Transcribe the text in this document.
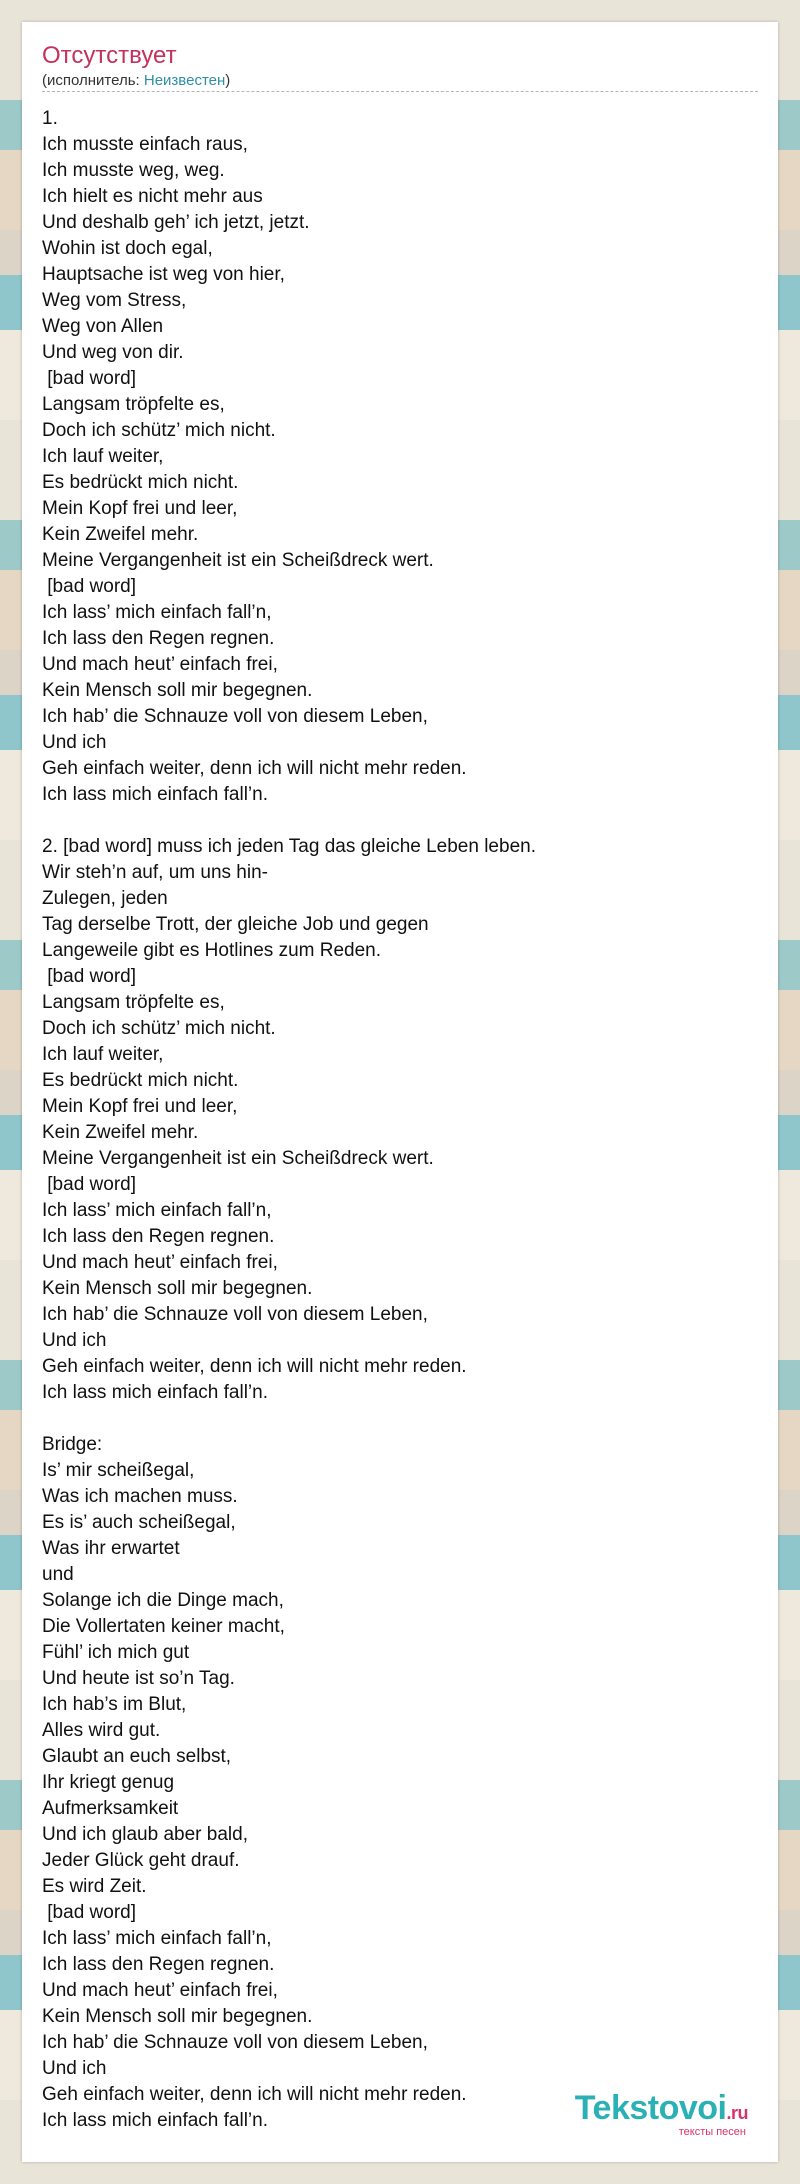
Отсутствует
(исполнитель: Неизвестен)
1.
Ich musste einfach raus,
Ich musste weg, weg.
Ich hielt es nicht mehr aus
Und deshalb geh’ ich jetzt, jetzt.
Wohin ist doch egal,
Hauptsache ist weg von hier,
Weg vom Stress,
Weg von Allen
Und weg von dir.
[bad word]
Langsam tröpfelte es,
Doch ich schütz’ mich nicht.
Ich lauf weiter,
Es bedrückt mich nicht.
Mein Kopf frei und leer,
Kein Zweifel mehr.
Meine Vergangenheit ist ein Scheißdreck wert.
[bad word]
Ich lass’ mich einfach fall’n,
Ich lass den Regen regnen.
Und mach heut’ einfach frei,
Kein Mensch soll mir begegnen.
Ich hab’ die Schnauze voll von diesem Leben,
Und ich
Geh einfach weiter, denn ich will nicht mehr reden.
Ich lass mich einfach fall’n.

2. [bad word] muss ich jeden Tag das gleiche Leben leben.
Wir steh’n auf, um uns hin-
Zulegen, jeden
Tag derselbe Trott, der gleiche Job und gegen
Langeweile gibt es Hotlines zum Reden.
[bad word]
Langsam tröpfelte es,
Doch ich schütz’ mich nicht.
Ich lauf weiter,
Es bedrückt mich nicht.
Mein Kopf frei und leer,
Kein Zweifel mehr.
Meine Vergangenheit ist ein Scheißdreck wert.
[bad word]
Ich lass’ mich einfach fall’n,
Ich lass den Regen regnen.
Und mach heut’ einfach frei,
Kein Mensch soll mir begegnen.
Ich hab’ die Schnauze voll von diesem Leben,
Und ich
Geh einfach weiter, denn ich will nicht mehr reden.
Ich lass mich einfach fall’n.

Bridge:
Is’ mir scheißegal,
Was ich machen muss.
Es is’ auch scheißegal,
Was ihr erwartet
und
Solange ich die Dinge mach,
Die Vollertaten keiner macht,
Fühl’ ich mich gut
Und heute ist so’n Tag.
Ich hab’s im Blut,
Alles wird gut.
Glaubt an euch selbst,
Ihr kriegt genug
Aufmerksamkeit
Und ich glaub aber bald,
Jeder Glück geht drauf.
Es wird Zeit.
[bad word]
Ich lass’ mich einfach fall’n,
Ich lass den Regen regnen.
Und mach heut’ einfach frei,
Kein Mensch soll mir begegnen.
Ich hab’ die Schnauze voll von diesem Leben,
Und ich
Geh einfach weiter, denn ich will nicht mehr reden.
Ich lass mich einfach fall’n.	Tekstovoi.ru
тексты песен
